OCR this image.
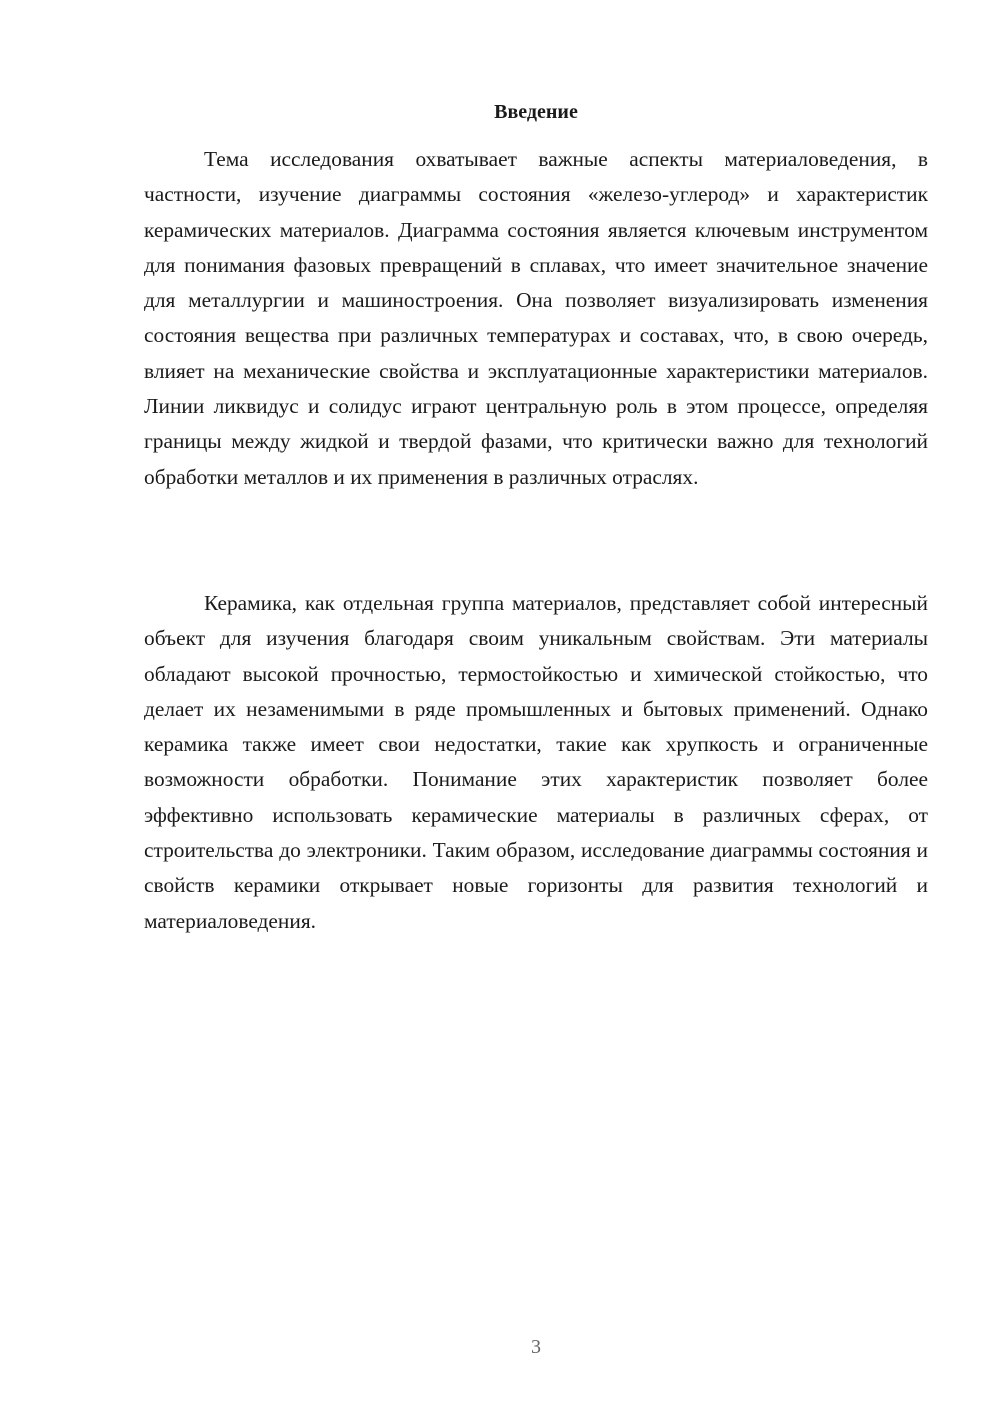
Введение

Тема исследования охватывает важные аспекты материаловедения, в частности, изучение диаграммы состояния «железо-углерод» и характеристик керамических материалов. Диаграмма состояния является ключевым инструментом для понимания фазовых превращений в сплавах, что имеет значительное значение для металлургии и машиностроения. Она позволяет визуализировать изменения состояния вещества при различных температурах и составах, что, в свою очередь, влияет на механические свойства и эксплуатационные характеристики материалов. Линии ликвидус и солидус играют центральную роль в этом процессе, определяя границы между жидкой и твердой фазами, что критически важно для технологий обработки металлов и их применения в различных отраслях.

Керамика, как отдельная группа материалов, представляет собой интересный объект для изучения благодаря своим уникальным свойствам. Эти материалы обладают высокой прочностью, термостойкостью и химической стойкостью, что делает их незаменимыми в ряде промышленных и бытовых применений. Однако керамика также имеет свои недостатки, такие как хрупкость и ограниченные возможности обработки. Понимание этих характеристик позволяет более эффективно использовать керамические материалы в различных сферах, от строительства до электроники. Таким образом, исследование диаграммы состояния и свойств керамики открывает новые горизонты для развития технологий и материаловедения.

3
